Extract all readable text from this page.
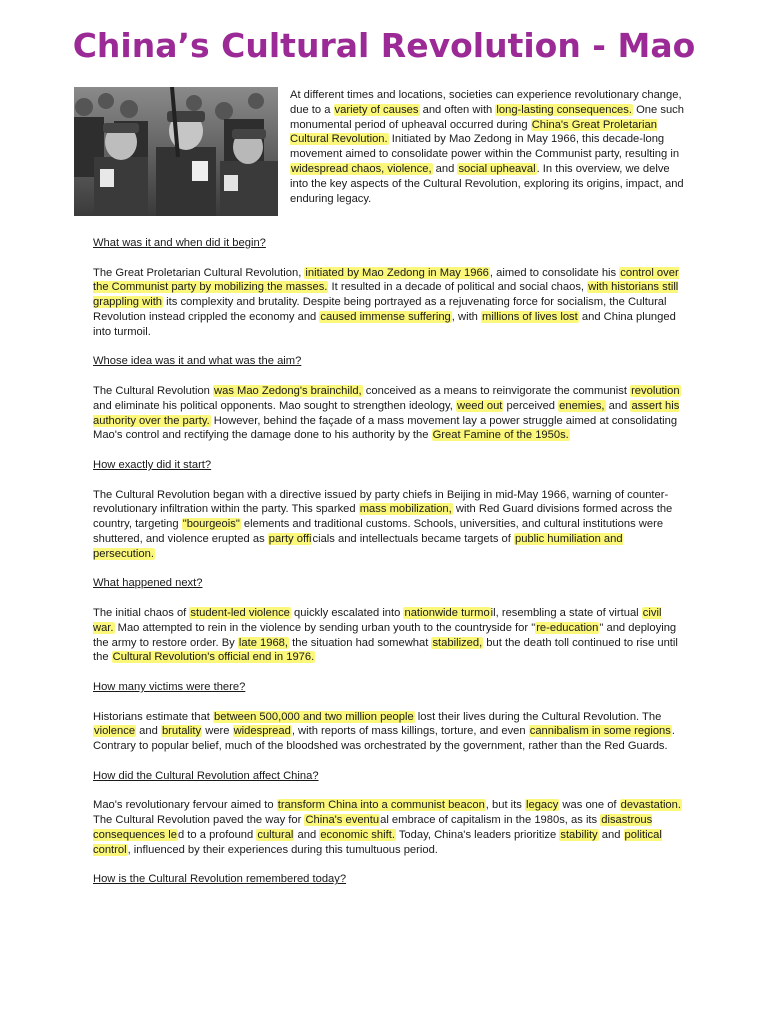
China’s Cultural Revolution - Mao

At different times and locations, societies can experience revolutionary change, due to a variety of causes and often with long-lasting consequences. One such monumental period of upheaval occurred during China's Great Proletarian Cultural Revolution. Initiated by Mao Zedong in May 1966, this decade-long movement aimed to consolidate power within the Communist party, resulting in widespread chaos, violence, and social upheaval. In this overview, we delve into the key aspects of the Cultural Revolution, exploring its origins, impact, and enduring legacy.

What was it and when did it begin?

The Great Proletarian Cultural Revolution, initiated by Mao Zedong in May 1966, aimed to consolidate his control over the Communist party by mobilizing the masses. It resulted in a decade of political and social chaos, with historians still grappling with its complexity and brutality. Despite being portrayed as a rejuvenating force for socialism, the Cultural Revolution instead crippled the economy and caused immense suffering, with millions of lives lost and China plunged into turmoil.

Whose idea was it and what was the aim?

The Cultural Revolution was Mao Zedong's brainchild, conceived as a means to reinvigorate the communist revolution and eliminate his political opponents. Mao sought to strengthen ideology, weed out perceived enemies, and assert his authority over the party. However, behind the façade of a mass movement lay a power struggle aimed at consolidating Mao's control and rectifying the damage done to his authority by the Great Famine of the 1950s.

How exactly did it start?

The Cultural Revolution began with a directive issued by party chiefs in Beijing in mid-May 1966, warning of counter-revolutionary infiltration within the party. This sparked mass mobilization, with Red Guard divisions formed across the country, targeting "bourgeois" elements and traditional customs. Schools, universities, and cultural institutions were shuttered, and violence erupted as party officials and intellectuals became targets of public humiliation and persecution.

What happened next?

The initial chaos of student-led violence quickly escalated into nationwide turmoil, resembling a state of virtual civil war. Mao attempted to rein in the violence by sending urban youth to the countryside for "re-education" and deploying the army to restore order. By late 1968, the situation had somewhat stabilized, but the death toll continued to rise until the Cultural Revolution's official end in 1976.

How many victims were there?

Historians estimate that between 500,000 and two million people lost their lives during the Cultural Revolution. The violence and brutality were widespread, with reports of mass killings, torture, and even cannibalism in some regions. Contrary to popular belief, much of the bloodshed was orchestrated by the government, rather than the Red Guards.

How did the Cultural Revolution affect China?

Mao's revolutionary fervour aimed to transform China into a communist beacon, but its legacy was one of devastation. The Cultural Revolution paved the way for China's eventual embrace of capitalism in the 1980s, as its disastrous consequences led to a profound cultural and economic shift. Today, China's leaders prioritize stability and political control, influenced by their experiences during this tumultuous period.

How is the Cultural Revolution remembered today?
